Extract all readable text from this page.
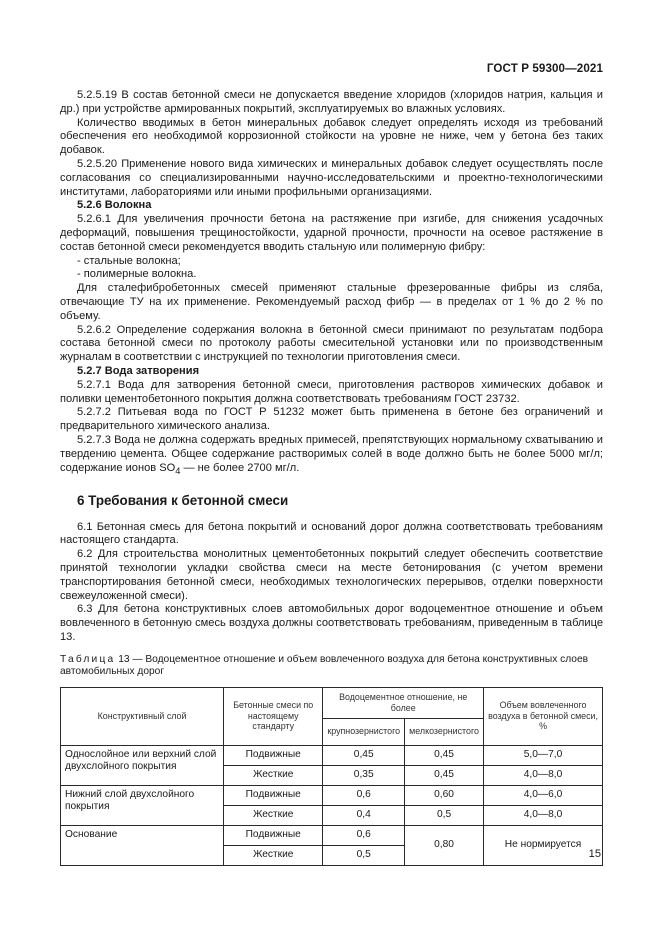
ГОСТ Р 59300—2021

5.2.5.19 В состав бетонной смеси не допускается введение хлоридов (хлоридов натрия, кальция и др.) при устройстве армированных покрытий, эксплуатируемых во влажных условиях.

Количество вводимых в бетон минеральных добавок следует определять исходя из требований обеспечения его необходимой коррозионной стойкости на уровне не ниже, чем у бетона без таких добавок.

5.2.5.20 Применение нового вида химических и минеральных добавок следует осуществлять после согласования со специализированными научно-исследовательскими и проектно-технологическими институтами, лабораториями или иными профильными организациями.

5.2.6 Волокна

5.2.6.1 Для увеличения прочности бетона на растяжение при изгибе, для снижения усадочных деформаций, повышения трещиностойкости, ударной прочности, прочности на осевое растяжение в состав бетонной смеси рекомендуется вводить стальную или полимерную фибру:

- стальные волокна;
- полимерные волокна.

Для сталефибробетонных смесей применяют стальные фрезерованные фибры из сляба, отвечающие ТУ на их применение. Рекомендуемый расход фибр — в пределах от 1 % до 2 % по объему.

5.2.6.2 Определение содержания волокна в бетонной смеси принимают по результатам подбора состава бетонной смеси по протоколу работы смесительной установки или по производственным журналам в соответствии с инструкцией по технологии приготовления смеси.

5.2.7 Вода затворения

5.2.7.1 Вода для затворения бетонной смеси, приготовления растворов химических добавок и поливки цементобетонного покрытия должна соответствовать требованиям ГОСТ 23732.

5.2.7.2 Питьевая вода по ГОСТ Р 51232 может быть применена в бетоне без ограничений и предварительного химического анализа.

5.2.7.3 Вода не должна содержать вредных примесей, препятствующих нормальному схватыванию и твердению цемента. Общее содержание растворимых солей в воде должно быть не более 5000 мг/л; содержание ионов $SO_4$ — не более 2700 мг/л.

6 Требования к бетонной смеси

6.1 Бетонная смесь для бетона покрытий и оснований дорог должна соответствовать требованиям настоящего стандарта.

6.2 Для строительства монолитных цементобетонных покрытий следует обеспечить соответствие принятой технологии укладки свойства смеси на месте бетонирования (с учетом времени транспортирования бетонной смеси, необходимых технологических перерывов, отделки поверхности свежеуложенной смеси).

6.3 Для бетона конструктивных слоев автомобильных дорог водоцементное отношение и объем вовлеченного в бетонную смесь воздуха должны соответствовать требованиям, приведенным в таблице 13.

Таблица 13 — Водоцементное отношение и объем вовлеченного воздуха для бетона конструктивных слоев автомобильных дорог
Конструктивный слой	Бетонные смеси по настоящему стандарту	Водоцементное отношение, не более		Объем вовлеченного воздуха в бетонной смеси, %
		крупнозернистого	мелкозернистого	
Однослойное или верхний слой двухслойного покрытия	Подвижные	0,45	0,45	5,0—7,0
	Жесткие	0,35	0,45	4,0—8,0
Нижний слой двухслойного покрытия	Подвижные	0,6	0,60	4,0—6,0
	Жесткие	0,4	0,5	4,0—8,0
Основание	Подвижные	0,6	0,80	Не нормируется
	Жесткие	0,5			15
